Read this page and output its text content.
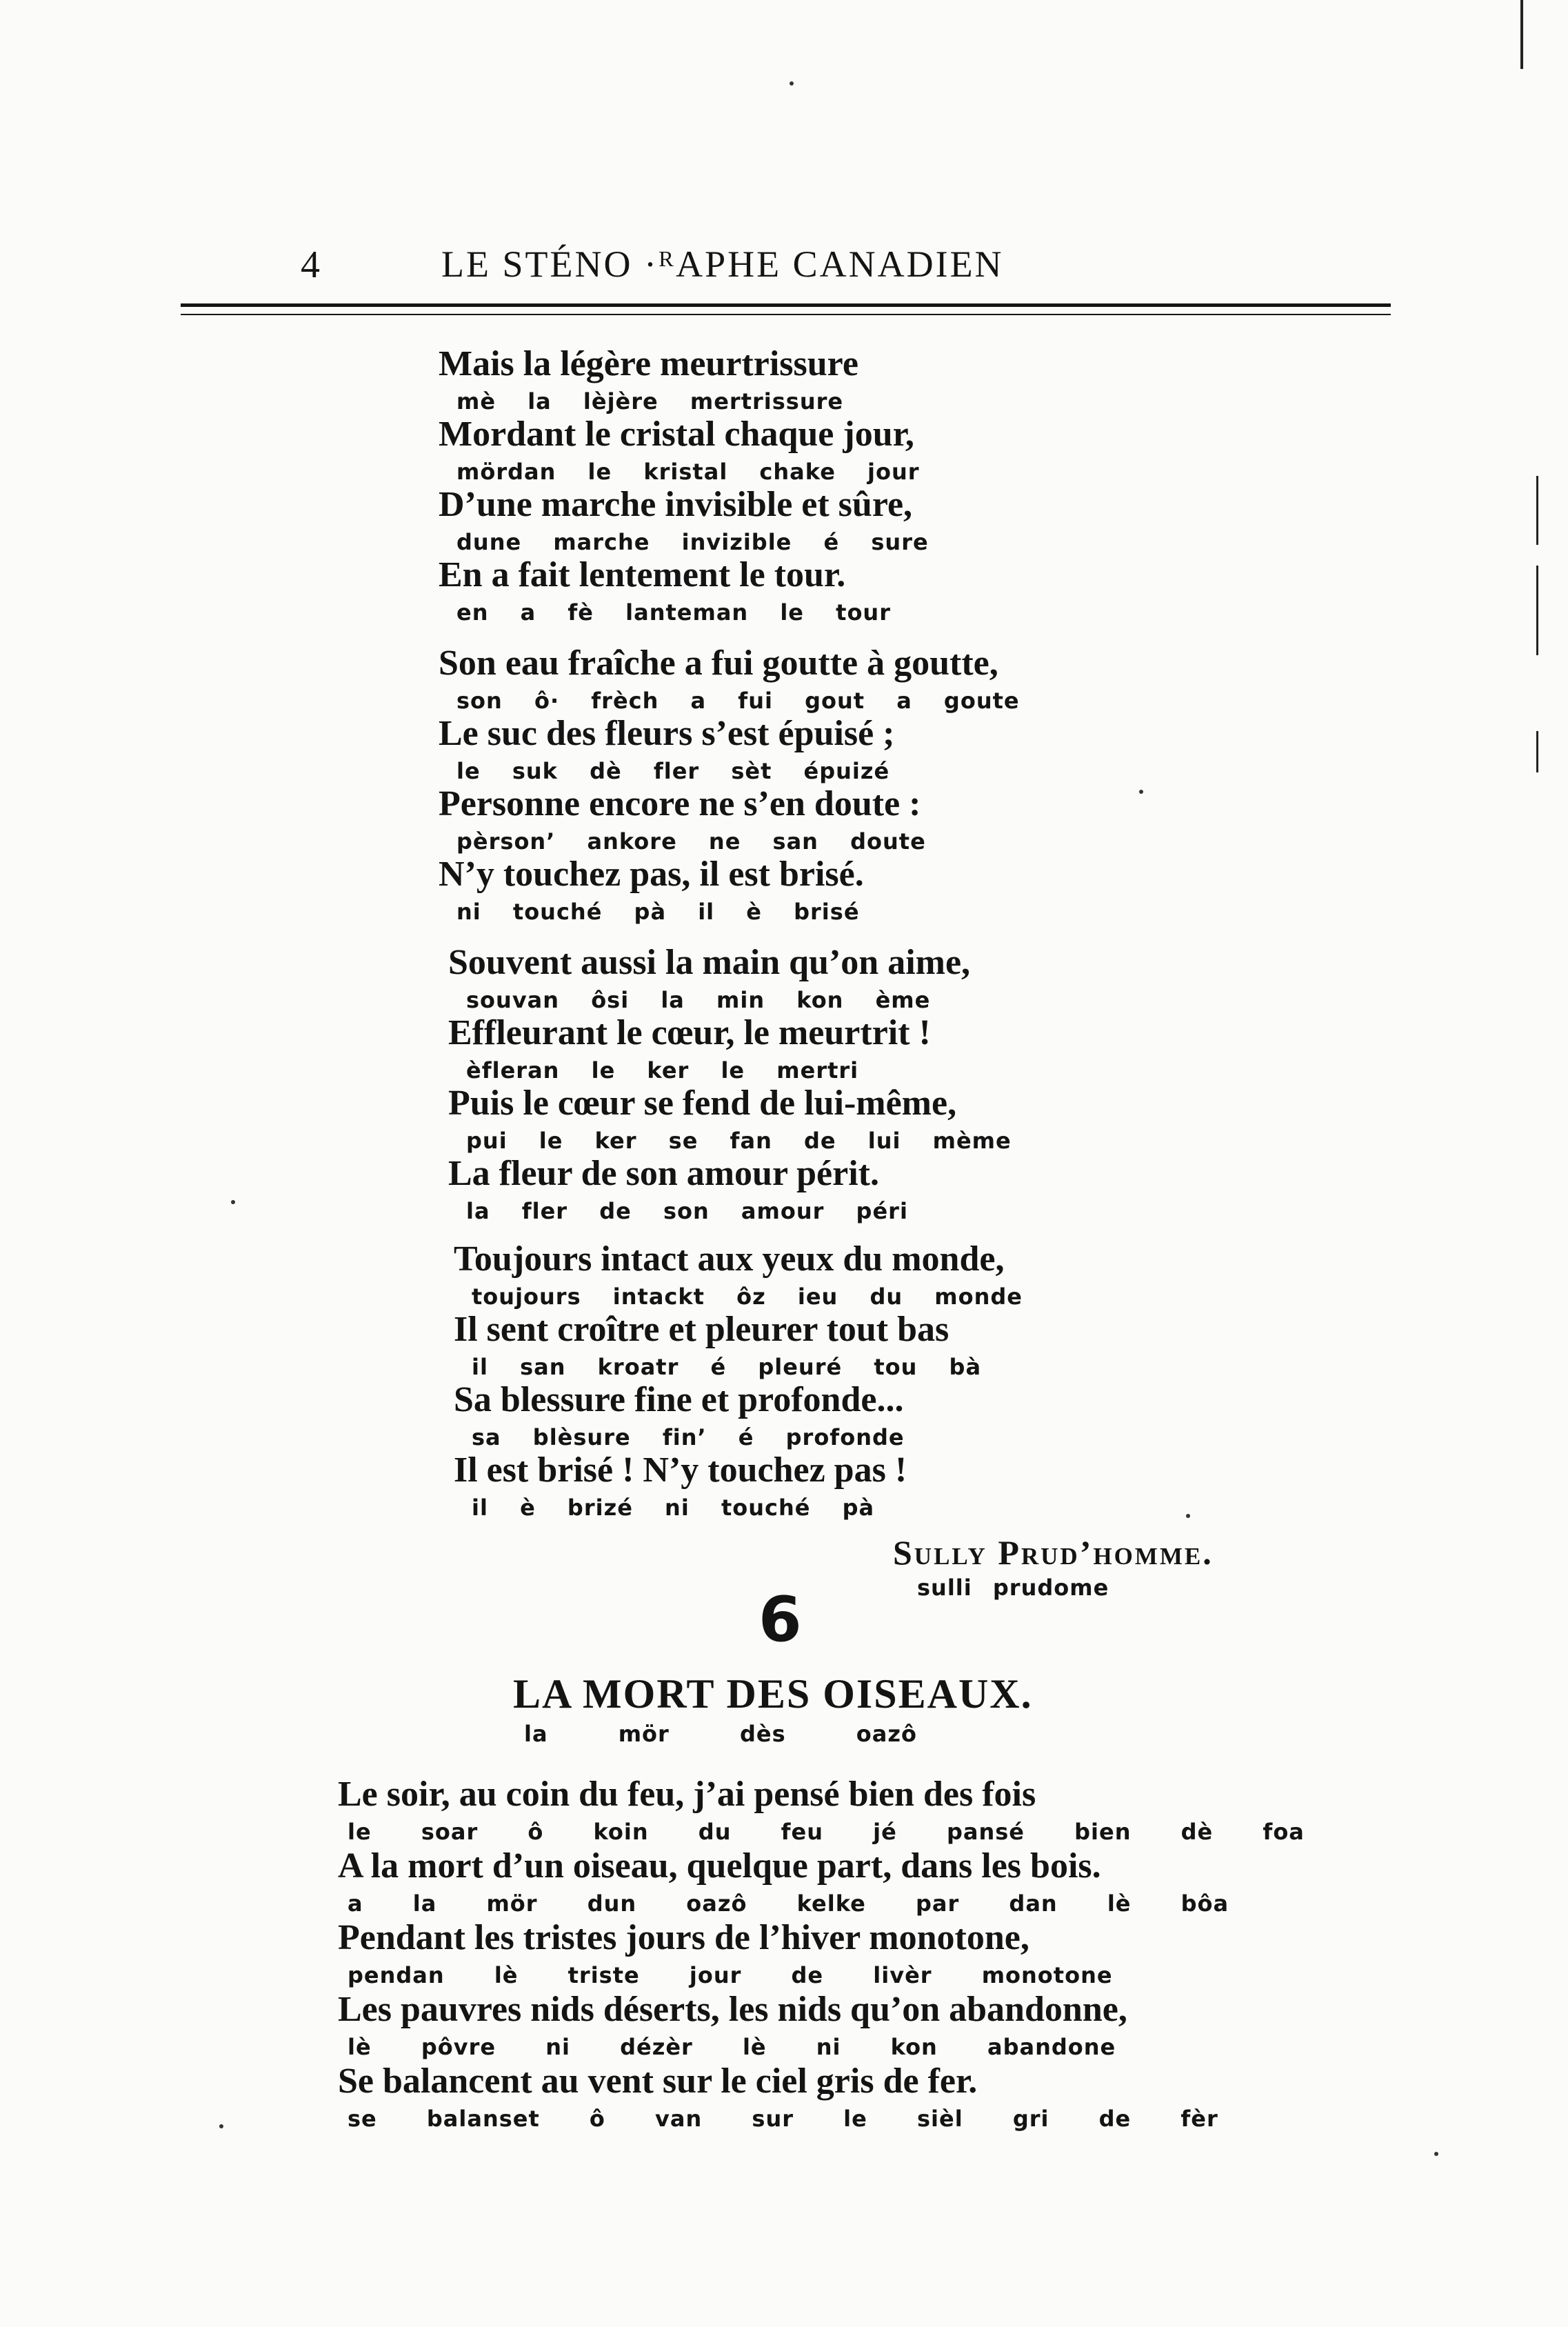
4	LE STÉNO ·ᴿAPHE CANADIEN
Mais la légère meurtrissure
mè la lèjère mertrissure
Mordant le cristal chaque jour,
mördan le kristal chake jour
D’une marche invisible et sûre,
dune marche invizible é sure
En a fait lentement le tour.
en a fè lanteman le tour
Son eau fraîche a fui goutte à goutte,
son ô· frèch a fui gout a goute
Le suc des fleurs s’est épuisé ;
le suk dè fler sèt épuizé
Personne encore ne s’en doute :
pèrson’ ankore ne san doute
N’y touchez pas, il est brisé.
ni touché pà il è brisé
Souvent aussi la main qu’on aime,
souvan ôsi la min kon ème
Effleurant le cœur, le meurtrit !
èfleran le ker le mertri
Puis le cœur se fend de lui-même,
pui le ker se fan de lui mème
La fleur de son amour périt.
la fler de son amour péri
Toujours intact aux yeux du monde,
toujours intackt ôz ieu du monde
Il sent croître et pleurer tout bas
il san kroatr é pleuré tou bà
Sa blessure fine et profonde...
sa blèsure fin’ é profonde
Il est brisé ! N’y touchez pas !
il è brizé ni touché pà
Sully Prud’homme.
sulli prudome
6
LA MORT DES OISEAUX.
la mör dès oazô
Le soir, au coin du feu, j’ai pensé bien des fois
le soar ô koin du feu jé pansé bien dè foa
A la mort d’un oiseau, quelque part, dans les bois.
a la mör dun oazô kelke par dan lè bôa
Pendant les tristes jours de l’hiver monotone,
pendan lè triste jour de livèr monotone
Les pauvres nids déserts, les nids qu’on abandonne,
lè pôvre ni dézèr lè ni kon abandone
Se balancent au vent sur le ciel gris de fer.
se balanset ô van sur le sièl gri de fèr
